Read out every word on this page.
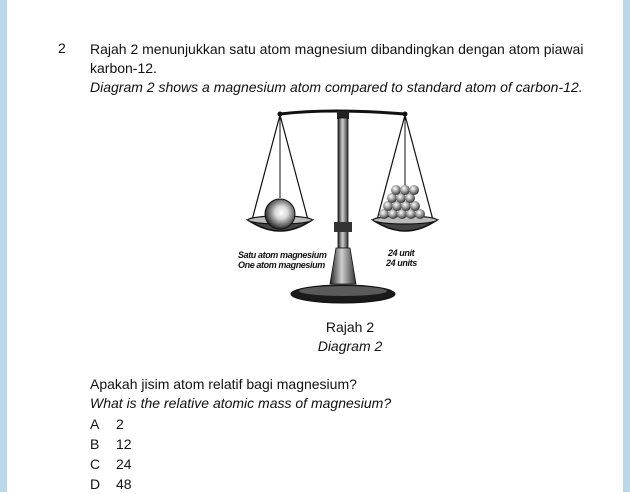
2 Rajah 2 menunjukkan satu atom magnesium dibandingkan dengan atom piawai
karbon-12.
Diagram 2 shows a magnesium atom compared to standard atom of carbon-12.
Satu atom magnesium
One atom magnesium
24 unit
24 units
Rajah 2
Diagram 2
Apakah jisim atom relatif bagi magnesium?
What is the relative atomic mass of magnesium?
A	2
B	12
C	24
D	48
